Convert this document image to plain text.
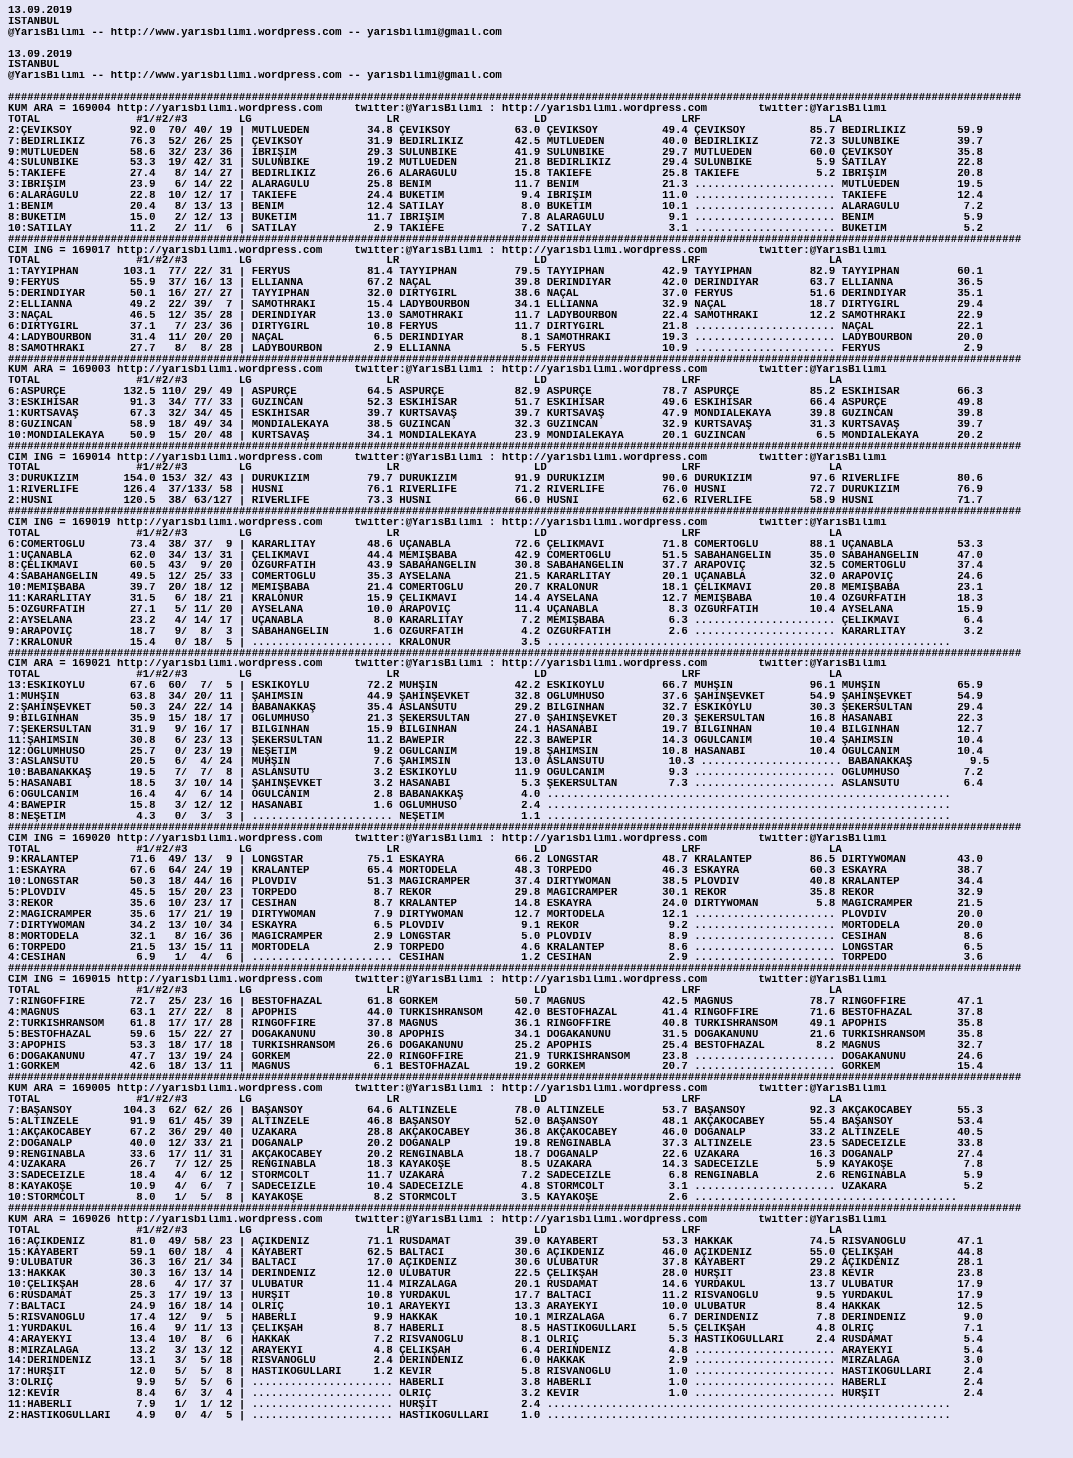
13.09.2019
ISTANBUL
@YarisBilimi -- http://www.yarisbilimi.wordpress.com -- yarisbilimi@gmail.com

13.09.2019
ISTANBUL
@YarisBilimi -- http://www.yarisbilimi.wordpress.com -- yarisbilimi@gmail.com

##############################################################################################################################################################
KUM ARA = 169004 http://yarisbilimi.wordpress.com     twitter:@YarisBilimi : http://yarisbilimi.wordpress.com        twitter:@YarisBilimi
TOTAL               #1/#2/#3        LG                     LR                     LD                     LRF                    LA
2:ÇEVİKSOY         92.0  70/ 40/ 19 | MUTLUEDEN         34.8 ÇEVİKSOY          63.0 ÇEVİKSOY          49.4 ÇEVİKSOY          85.7 BEDİRLİKIZ        59.9
7:BEDİRLİKIZ       76.3  52/ 26/ 25 | ÇEVİKSOY          31.9 BEDİRLİKIZ        42.5 MUTLUEDEN         40.0 BEDİRLİKIZ        72.3 SULUNBIKE         39.7
9:MUTLUEDEN        58.6  32/ 23/ 36 | İBRİŞİM           29.3 SULUNBIKE         41.9 SULUNBIKE         29.7 MUTLUEDEN         60.0 ÇEVİKSOY          35.8
4:SULUNBIKE        53.3  19/ 42/ 31 | SULUNBIKE         19.2 MUTLUEDEN         21.8 BEDİRLİKIZ        29.4 SULUNBIKE          5.9 SATILAY           22.8
5:TAKİEFE          27.4   8/ 14/ 27 | BEDİRLİKIZ        26.6 ALARAGULÜ         15.8 TAKİEFE           25.8 TAKİEFE            5.2 İBRİŞİM           20.8
3:İBRİŞİM          23.9   6/ 14/ 22 | ALARAGULÜ         25.8 BENİM             11.7 BENİM             21.3 ...................... MUTLUEDEN         19.5
6:ALARAGULÜ        22.8  10/ 12/ 17 | TAKİEFE           24.4 BUKETİM            9.4 İBRİŞİM           11.0 ...................... TAKİEFE           12.4
1:BENİM            20.4   8/ 13/ 13 | BENİM             12.4 SATILAY            8.0 BUKETİM           10.1 ...................... ALARAGULÜ          7.2
8:BUKETİM          15.0   2/ 12/ 13 | BUKETİM           11.7 İBRİŞİM            7.8 ALARAGULÜ          9.1 ...................... BENİM              5.9
10:SATILAY         11.2   2/ 11/  6 | SATILAY            2.9 TAKİEFE            7.2 SATILAY            3.1 ...................... BUKETİM            5.2
##############################################################################################################################################################
CIM ING = 169017 http://yarisbilimi.wordpress.com     twitter:@YarisBilimi : http://yarisbilimi.wordpress.com        twitter:@YarisBilimi
TOTAL               #1/#2/#3        LG                     LR                     LD                     LRF                    LA
1:TAYYİPHAN       103.1  77/ 22/ 31 | FERYUS            81.4 TAYYİPHAN         79.5 TAYYİPHAN         42.9 TAYYİPHAN         82.9 TAYYİPHAN         60.1
9:FERYUS           55.9  37/ 16/ 13 | ELLİANNA          67.2 NAÇAL             39.8 DERİNDİYAR        42.0 DERİNDİYAR        63.7 ELLİANNA          36.5
5:DERİNDİYAR       50.1  16/ 27/ 27 | TAYYİPHAN         32.0 DİRTYGİRL         38.6 NAÇAL             37.0 FERYUS            51.6 DERİNDİYAR        35.1
2:ELLİANNA         49.2  22/ 39/  7 | SAMOTHRAKİ        15.4 LADYBOURBON       34.1 ELLİANNA          32.9 NAÇAL             18.7 DİRTYGİRL         29.4
3:NAÇAL            46.5  12/ 35/ 28 | DERİNDİYAR        13.0 SAMOTHRAKİ        11.7 LADYBOURBON       22.4 SAMOTHRAKİ        12.2 SAMOTHRAKİ        22.9
6:DİRTYGİRL        37.1   7/ 23/ 36 | DİRTYGİRL         10.8 FERYUS            11.7 DİRTYGİRL         21.8 ...................... NAÇAL             22.1
4:LADYBOURBON      31.4  11/ 20/ 20 | NAÇAL              6.5 DERİNDİYAR         8.1 SAMOTHRAKİ        19.3 ...................... LADYBOURBON       20.0
8:SAMOTHRAKİ       27.7   8/  8/ 28 | LADYBOURBON        2.9 ELLİANNA           5.5 FERYUS            10.9 ...................... FERYUS             2.9
##############################################################################################################################################################
KUM ARA = 169003 http://yarisbilimi.wordpress.com     twitter:@YarisBilimi : http://yarisbilimi.wordpress.com        twitter:@YarisBilimi
TOTAL               #1/#2/#3        LG                     LR                     LD                     LRF                    LA
6:ASPURÇE         132.5 110/ 29/ 49 | ASPURÇE           64.5 ASPURÇE           82.9 ASPURÇE           78.7 ASPURÇE           85.2 ESKİHİSAR         66.3
3:ESKİHİSAR        91.3  34/ 77/ 33 | GÜZİNCAN          52.3 ESKİHİSAR         51.7 ESKİHİSAR         49.6 ESKİHİSAR         66.4 ASPURÇE           49.8
1:KURTSAVAŞ        67.3  32/ 34/ 45 | ESKİHİSAR         39.7 KURTSAVAŞ         39.7 KURTSAVAŞ         47.9 MONDİALEKAYA      39.8 GÜZİNCAN          39.8
8:GÜZİNCAN         58.9  18/ 49/ 34 | MONDİALEKAYA      38.5 GÜZİNCAN          32.3 GÜZİNCAN          32.9 KURTSAVAŞ         31.3 KURTSAVAŞ         39.7
10:MONDİALEKAYA    50.9  15/ 20/ 48 | KURTSAVAŞ         34.1 MONDİALEKAYA      23.9 MONDİALEKAYA      20.1 GÜZİNCAN           6.5 MONDİALEKAYA      20.2
##############################################################################################################################################################
CIM ING = 169014 http://yarisbilimi.wordpress.com     twitter:@YarisBilimi : http://yarisbilimi.wordpress.com        twitter:@YarisBilimi
TOTAL               #1/#2/#3        LG                     LR                     LD                     LRF                    LA
3:DURUKIZIM       154.0 153/ 32/ 43 | DURUKIZIM         79.7 DURUKIZIM         91.9 DURUKIZIM         90.6 DURUKIZIM         97.6 RİVERLİFE         80.6
1:RİVERLİFE       126.4  37/133/ 58 | HÜSNİ             76.1 RİVERLİFE         71.2 RİVERLİFE         76.0 HÜSNİ             72.7 DURUKIZIM         76.9
2:HÜSNİ           120.5  38/ 63/127 | RİVERLİFE         73.3 HÜSNİ             66.0 HÜSNİ             62.6 RİVERLİFE         58.9 HÜSNİ             71.7
##############################################################################################################################################################
CIM ING = 169019 http://yarisbilimi.wordpress.com     twitter:@YarisBilimi : http://yarisbilimi.wordpress.com        twitter:@YarisBilimi
TOTAL               #1/#2/#3        LG                     LR                     LD                     LRF                    LA
6:CÖMERTOĞLU       73.4  38/ 37/  9 | KARARLITAY        48.6 UÇANABLA          72.6 ÇELİKMAVİ         71.8 CÖMERTOĞLU        88.1 UÇANABLA          53.3
1:UÇANABLA         62.0  34/ 13/ 31 | ÇELİKMAVİ         44.4 MEMİŞBABA         42.9 CÖMERTOĞLU        51.5 SABAHANGELİN      35.0 SABAHANGELİN      47.0
8:ÇELİKMAVİ        60.5  43/  9/ 20 | ÖZGURFATİH        43.9 SABAHANGELİN      30.8 SABAHANGELİN      37.7 ARAPOVİÇ          32.5 CÖMERTOĞLU        37.4
4:SABAHANGELİN     49.5  12/ 25/ 33 | CÖMERTOĞLU        35.3 AYSELANA          21.5 KARARLITAY        20.1 UÇANABLA          32.0 ARAPOVİÇ          24.6
10:MEMİŞBABA       39.7  20/ 18/ 12 | MEMİŞBABA         21.4 CÖMERTOĞLU        20.7 KRALONUR          18.1 ÇELİKMAVİ         20.8 MEMİŞBABA         23.1
11:KARARLITAY      31.5   6/ 18/ 21 | KRALONUR          15.9 ÇELİKMAVİ         14.4 AYSELANA          12.7 MEMİŞBABA         10.4 ÖZGURFATİH        18.3
5:ÖZGURFATİH       27.1   5/ 11/ 20 | AYSELANA          10.0 ARAPOVİÇ          11.4 UÇANABLA           8.3 ÖZGURFATİH        10.4 AYSELANA          15.9
2:AYSELANA         23.2   4/ 14/ 17 | UÇANABLA           8.0 KARARLITAY         7.2 MEMİŞBABA          6.3 ...................... ÇELİKMAVİ          6.4
9:ARAPOVİÇ         18.7   9/  8/  3 | SABAHANGELİN       1.6 ÖZGURFATİH         4.2 ÖZGURFATİH         2.6 ...................... KARARLITAY         3.2
7:KRALONUR         15.4   0/ 18/  5 | ...................... KRALONUR           3.5 ...............................................................
##############################################################################################################################################################
CIM ARA = 169021 http://yarisbilimi.wordpress.com     twitter:@YarisBilimi : http://yarisbilimi.wordpress.com        twitter:@YarisBilimi
TOTAL               #1/#2/#3        LG                     LR                     LD                     LRF                    LA
13:ESKİKÖYLÜ       67.6  60/  7/  5 | ESKİKÖYLÜ         72.2 MUHŞİN            42.2 ESKİKÖYLÜ         66.7 MUHŞİN            96.1 MUHŞİN            65.9
1:MUHŞİN           63.8  34/ 20/ 11 | ŞAHİMSİN          44.9 ŞAHİNŞEVKET       32.8 OĞLUMHÜSO         37.6 ŞAHİNŞEVKET       54.9 ŞAHİNŞEVKET       54.9
2:ŞAHİNŞEVKET      50.3  24/ 22/ 14 | BABANAKKAŞ        35.4 ASLANSÜTÜ         29.2 BİLGİNHAN         32.7 ESKİKÖYLÜ         30.3 ŞEKERSULTAN       29.4
9:BİLGİNHAN        35.9  15/ 18/ 17 | OĞLUMHÜSO         21.3 ŞEKERSULTAN       27.0 ŞAHİNŞEVKET       20.3 ŞEKERSULTAN       16.8 HASANABİ          22.3
7:ŞEKERSULTAN      31.9   9/ 16/ 17 | BİLGİNHAN         15.9 BİLGİNHAN         24.1 HASANABİ          19.7 BİLGİNHAN         10.4 BİLGİNHAN         12.7
11:ŞAHİMSİN        30.8   6/ 23/ 13 | ŞEKERSULTAN       11.2 BAWEPİR           22.3 BAWEPİR           14.3 OĞULCANİM         10.4 ŞAHİMSİN          10.4
12:OĞLUMHÜSO       25.7   0/ 23/ 19 | NEŞETİM            9.2 OĞULCANİM         19.8 ŞAHİMSİN          10.8 HASANABİ          10.4 OĞULCANİM         10.4
3:ASLANSÜTÜ        20.5   6/  4/ 24 | MUHŞİN             7.6 ŞAHİMSİN          13.0 ASLANSÜTÜ          10.3 ...................... BABANAKKAŞ         9.5
10:BABANAKKAŞ      19.5   7/  7/  8 | ASLANSÜTÜ          3.2 ESKİKÖYLÜ         11.9 OĞULCANİM          9.3 ...................... OĞLUMHÜSO          7.2
5:HASANABİ         18.5   3/ 10/ 14 | ŞAHİNŞEVKET        3.2 HASANABİ           5.3 ŞEKERSULTAN        7.3 ...................... ASLANSÜTÜ          6.4
6:OĞULCANİM        16.4   4/  6/ 14 | OĞULCANİM          2.8 BABANAKKAŞ         4.0 ...............................................................
4:BAWEPİR          15.8   3/ 12/ 12 | HASANABİ           1.6 OĞLUMHÜSO          2.4 ...............................................................
8:NEŞETİM           4.3   0/  3/  3 | ...................... NEŞETİM            1.1 ...............................................................
##############################################################################################################################################################
CIM ING = 169020 http://yarisbilimi.wordpress.com     twitter:@YarisBilimi : http://yarisbilimi.wordpress.com        twitter:@YarisBilimi
TOTAL               #1/#2/#3        LG                     LR                     LD                     LRF                    LA
9:KRALANTEP        71.6  49/ 13/  9 | LONGSTAR          75.1 ESKAYRA           66.2 LONGSTAR          48.7 KRALANTEP         86.5 DİRTYWOMAN        43.0
1:ESKAYRA          67.6  64/ 24/ 19 | KRALANTEP         65.4 MORTODELA         48.3 TORPEDO           46.3 ESKAYRA           60.3 ESKAYRA           38.7
10:LONGSTAR        50.3  18/ 44/ 16 | PLOVDİV           51.3 MAGİCRAMPER       37.4 DİRTYWOMAN        38.5 PLOVDİV           40.8 KRALANTEP         34.4
5:PLOVDİV          45.5  15/ 20/ 23 | TORPEDO            8.7 REKOR             29.8 MAGİCRAMPER       30.1 REKOR             35.8 REKOR             32.9
3:REKOR            35.6  10/ 23/ 17 | CESİHAN            8.7 KRALANTEP         14.8 ESKAYRA           24.0 DİRTYWOMAN         5.8 MAGİCRAMPER       21.5
2:MAGİCRAMPER      35.6  17/ 21/ 19 | DİRTYWOMAN         7.9 DİRTYWOMAN        12.7 MORTODELA         12.1 ...................... PLOVDİV           20.0
7:DİRTYWOMAN       34.2  13/ 10/ 34 | ESKAYRA            6.5 PLOVDİV            9.1 REKOR              9.2 ...................... MORTODELA         20.0
8:MORTODELA        32.1   8/ 16/ 36 | MAGİCRAMPER        2.9 LONGSTAR           5.0 PLOVDİV            8.9 ...................... CESİHAN            8.6
6:TORPEDO          21.5  13/ 15/ 11 | MORTODELA          2.9 TORPEDO            4.6 KRALANTEP          8.6 ...................... LONGSTAR           6.5
4:CESİHAN           6.9   1/  4/  6 | ...................... CESİHAN            1.2 CESİHAN            2.9 ...................... TORPEDO            3.6
##############################################################################################################################################################
CIM ING = 169015 http://yarisbilimi.wordpress.com     twitter:@YarisBilimi : http://yarisbilimi.wordpress.com        twitter:@YarisBilimi
TOTAL               #1/#2/#3        LG                     LR                     LD                     LRF                    LA
7:RİNGOFFİRE       72.7  25/ 23/ 16 | BESTOFHAZAL       61.8 GÖRKEM            50.7 MAGNUS            42.5 MAGNUS            78.7 RİNGOFFİRE        47.1
4:MAGNUS           63.1  27/ 22/  8 | APOPHİS           44.0 TURKİSHRANSOM     42.0 BESTOFHAZAL       41.4 RİNGOFFİRE        71.6 BESTOFHAZAL       37.8
2:TURKİSHRANSOM    61.8  17/ 17/ 28 | RİNGOFFİRE        37.8 MAGNUS            36.1 RİNGOFFİRE        40.8 TURKİSHRANSOM     49.1 APOPHİS           35.8
5:BESTOFHAZAL      59.6  15/ 22/ 27 | DOĞAKANUNU        30.8 APOPHİS           34.1 DOĞAKANUNU        31.5 DOĞAKANUNU        21.6 TURKİSHRANSOM     35.8
3:APOPHİS          53.3  18/ 17/ 18 | TURKİSHRANSOM     26.6 DOĞAKANUNU        25.2 APOPHİS           25.4 BESTOFHAZAL        8.2 MAGNUS            32.7
6:DOĞAKANUNU       47.7  13/ 19/ 24 | GÖRKEM            22.0 RİNGOFFİRE        21.9 TURKİSHRANSOM     23.8 ...................... DOĞAKANUNU        24.6
1:GÖRKEM           42.6  18/ 13/ 11 | MAGNUS             6.1 BESTOFHAZAL       19.2 GÖRKEM            20.7 ...................... GÖRKEM            15.4
##############################################################################################################################################################
KUM ARA = 169005 http://yarisbilimi.wordpress.com     twitter:@YarisBilimi : http://yarisbilimi.wordpress.com        twitter:@YarisBilimi
TOTAL               #1/#2/#3        LG                     LR                     LD                     LRF                    LA
7:BAŞANSOY        104.3  62/ 62/ 26 | BAŞANSOY          64.6 ALTINZELE         78.0 ALTINZELE         53.7 BAŞANSOY          92.3 AKÇAKOCABEY       55.3
5:ALTINZELE        91.9  61/ 45/ 39 | ALTINZELE         46.8 BAŞANSOY          52.0 BAŞANSOY          48.1 AKÇAKOCABEY       55.4 BAŞANSOY          53.4
1:AKÇAKOCABEY      67.2  36/ 29/ 40 | UZAKARA           28.8 AKÇAKOCABEY       36.8 AKÇAKOCABEY       46.0 DOĞANALP          33.2 ALTINZELE         40.5
2:DOĞANALP         40.0  12/ 33/ 21 | DOĞANALP          20.2 DOĞANALP          19.8 RENGİNABLA        37.3 ALTINZELE         23.5 SADECEİZLE        33.8
9:RENGİNABLA       33.6  17/ 11/ 31 | AKÇAKOCABEY       20.2 RENGİNABLA        18.7 DOĞANALP          22.6 UZAKARA           16.3 DOĞANALP          27.4
4:UZAKARA          26.7   7/ 12/ 25 | RENGİNABLA        18.3 KAYAKOŞE           8.5 UZAKARA           14.3 SADECEİZLE         5.9 KAYAKOŞE           7.8
3:SADECEİZLE       18.4   4/  6/ 12 | STORMCOLT         11.7 UZAKARA            7.2 SADECEİZLE         6.8 RENGİNABLA         2.6 RENGİNABLA         5.9
8:KAYAKOŞE         10.9   4/  6/  7 | SADECEİZLE        10.4 SADECEİZLE         4.8 STORMCOLT          3.1 ...................... UZAKARA            5.2
10:STORMCOLT        8.0   1/  5/  8 | KAYAKOŞE           8.2 STORMCOLT          3.5 KAYAKOŞE           2.6 .........................................
##############################################################################################################################################################
KUM ARA = 169026 http://yarisbilimi.wordpress.com     twitter:@YarisBilimi : http://yarisbilimi.wordpress.com        twitter:@YarisBilimi
TOTAL               #1/#2/#3        LG                     LR                     LD                     LRF                    LA
16:AÇIKDENİZ       81.0  49/ 58/ 23 | AÇIKDENİZ         71.1 RUSDAMAT          39.0 KAYABERT          53.3 HAKKAK            74.5 RİSVANOĞLU        47.1
15:KAYABERT        59.1  60/ 18/  4 | KAYABERT          62.5 BALTACI           30.6 AÇIKDENİZ         46.0 AÇIKDENİZ         55.0 ÇELİKŞAH          44.8
9:ULUBATUR         36.3  16/ 21/ 34 | BALTACI           17.0 AÇIKDENİZ         30.6 ULUBATUR          37.8 KAYABERT          29.2 AÇIKDENİZ         28.1
13:HAKKAK          30.3  16/ 13/ 14 | DERİNDENİZ        12.0 ULUBATUR          22.5 ÇELİKŞAH          28.0 HURŞİT            23.8 KEVİR             23.8
10:ÇELİKŞAH        28.6   4/ 17/ 37 | ULUBATUR          11.4 MİRZALAĞA         20.1 RUSDAMAT          14.6 YURDAKUL          13.7 ULUBATUR          17.9
6:RUSDAMAT         25.3  17/ 19/ 13 | HURŞİT            10.8 YURDAKUL          17.7 BALTACI           11.2 RİSVANOĞLU         9.5 YURDAKUL          17.9
7:BALTACI          24.9  16/ 18/ 14 | OLRİÇ             10.1 ARAYEKYİ          13.3 ARAYEKYİ          10.0 ULUBATUR           8.4 HAKKAK            12.5
5:RİSVANOĞLU       17.4  12/  9/  5 | HABERLİ            9.9 HAKKAK            10.1 MİRZALAĞA          6.7 DERİNDENİZ         7.8 DERİNDENİZ         9.0
1:YURDAKUL         16.4   9/ 11/ 13 | ÇELİKŞAH           8.7 HABERLİ            8.5 HASTİKOGULLARI     5.5 ÇELİKŞAH           4.8 OLRİÇ              7.1
4:ARAYEKYİ         13.4  10/  8/  6 | HAKKAK             7.2 RİSVANOĞLU         8.1 OLRİÇ              5.3 HASTİKOĞULLARI     2.4 RUSDAMAT           5.4
8:MİRZALAĞA        13.2   3/ 13/ 12 | ARAYEKYİ           4.8 ÇELİKŞAH           6.4 DERİNDENİZ         4.8 ...................... ARAYEKYİ           5.4
14:DERİNDENİZ      13.1   3/  5/ 18 | RİSVANOĞLU         2.4 DERİNDENİZ         6.0 HAKKAK             2.9 ...................... MİRZALAĞA          3.0
17:HURŞİT          12.0   5/  5/  8 | HASTİKOGULLARI     1.2 KEVİR              5.8 RİSVANOĞLU         1.0 ...................... HASTİKOĞULLARI     2.4
3:OLRİÇ             9.9   5/  5/  6 | ...................... HABERLİ            3.8 HABERLİ            1.0 ...................... HABERLİ            2.4
12:KEVİR            8.4   6/  3/  4 | ...................... OLRİÇ              3.2 KEVİR              1.0 ...................... HURŞİT             2.4
11:HABERLİ          7.9   1/  1/ 12 | ...................... HURŞİT             2.4 ...............................................................
2:HASTİKOĞULLARI    4.9   0/  4/  5 | ...................... HASTİKOĞULLARI     1.0 ...............................................................
